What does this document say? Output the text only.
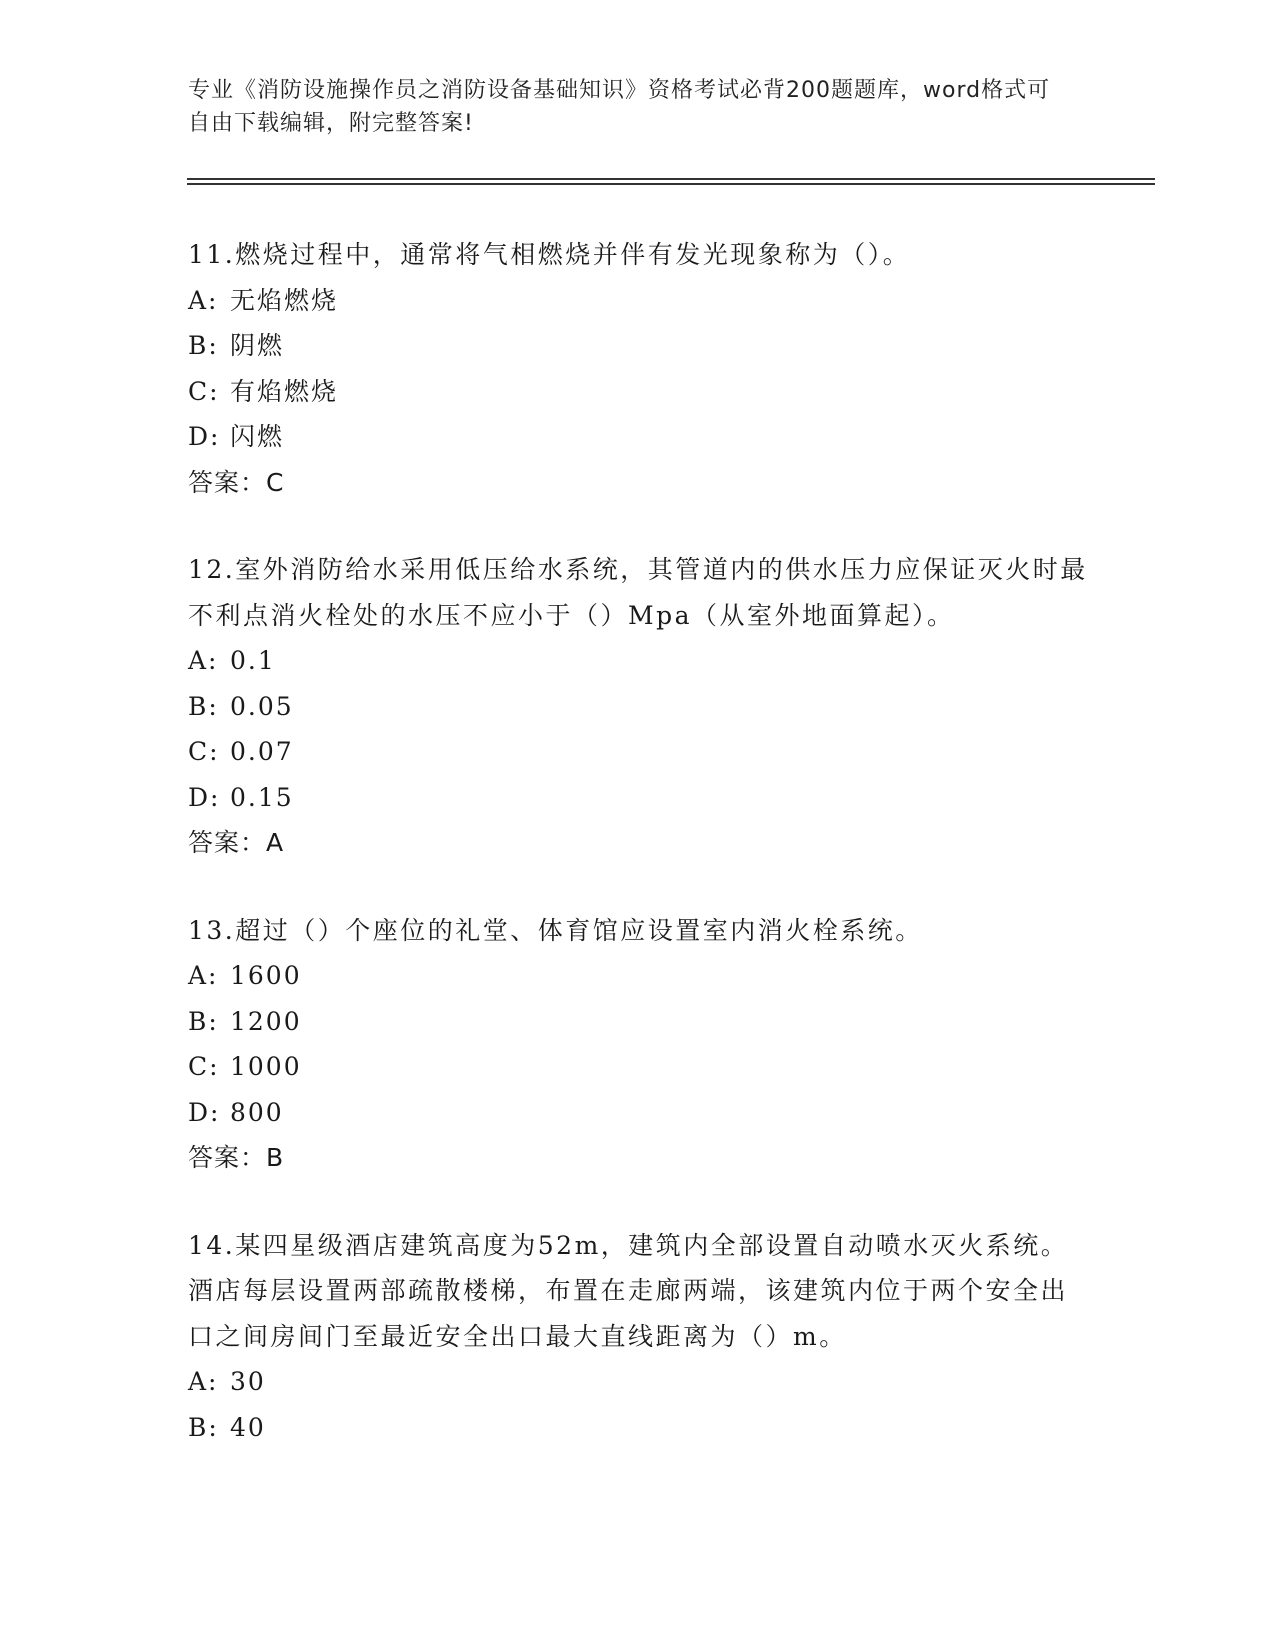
专业《消防设施操作员之消防设备基础知识》资格考试必背200题题库，word格式可自由下载编辑，附完整答案!

11.燃烧过程中，通常将气相燃烧并伴有发光现象称为（）。

A: 无焰燃烧
B: 阴燃
C: 有焰燃烧
D: 闪燃
答案：C

12.室外消防给水采用低压给水系统，其管道内的供水压力应保证灭火时最不利点消火栓处的水压不应小于（）Mpa（从室外地面算起）。

A: 0.1
B: 0.05
C: 0.07
D: 0.15
答案：A

13.超过（）个座位的礼堂、体育馆应设置室内消火栓系统。

A: 1600
B: 1200
C: 1000
D: 800
答案：B

14.某四星级酒店建筑高度为52m，建筑内全部设置自动喷水灭火系统。酒店每层设置两部疏散楼梯，布置在走廊两端，该建筑内位于两个安全出口之间房间门至最近安全出口最大直线距离为（）m。

A: 30
B: 40
